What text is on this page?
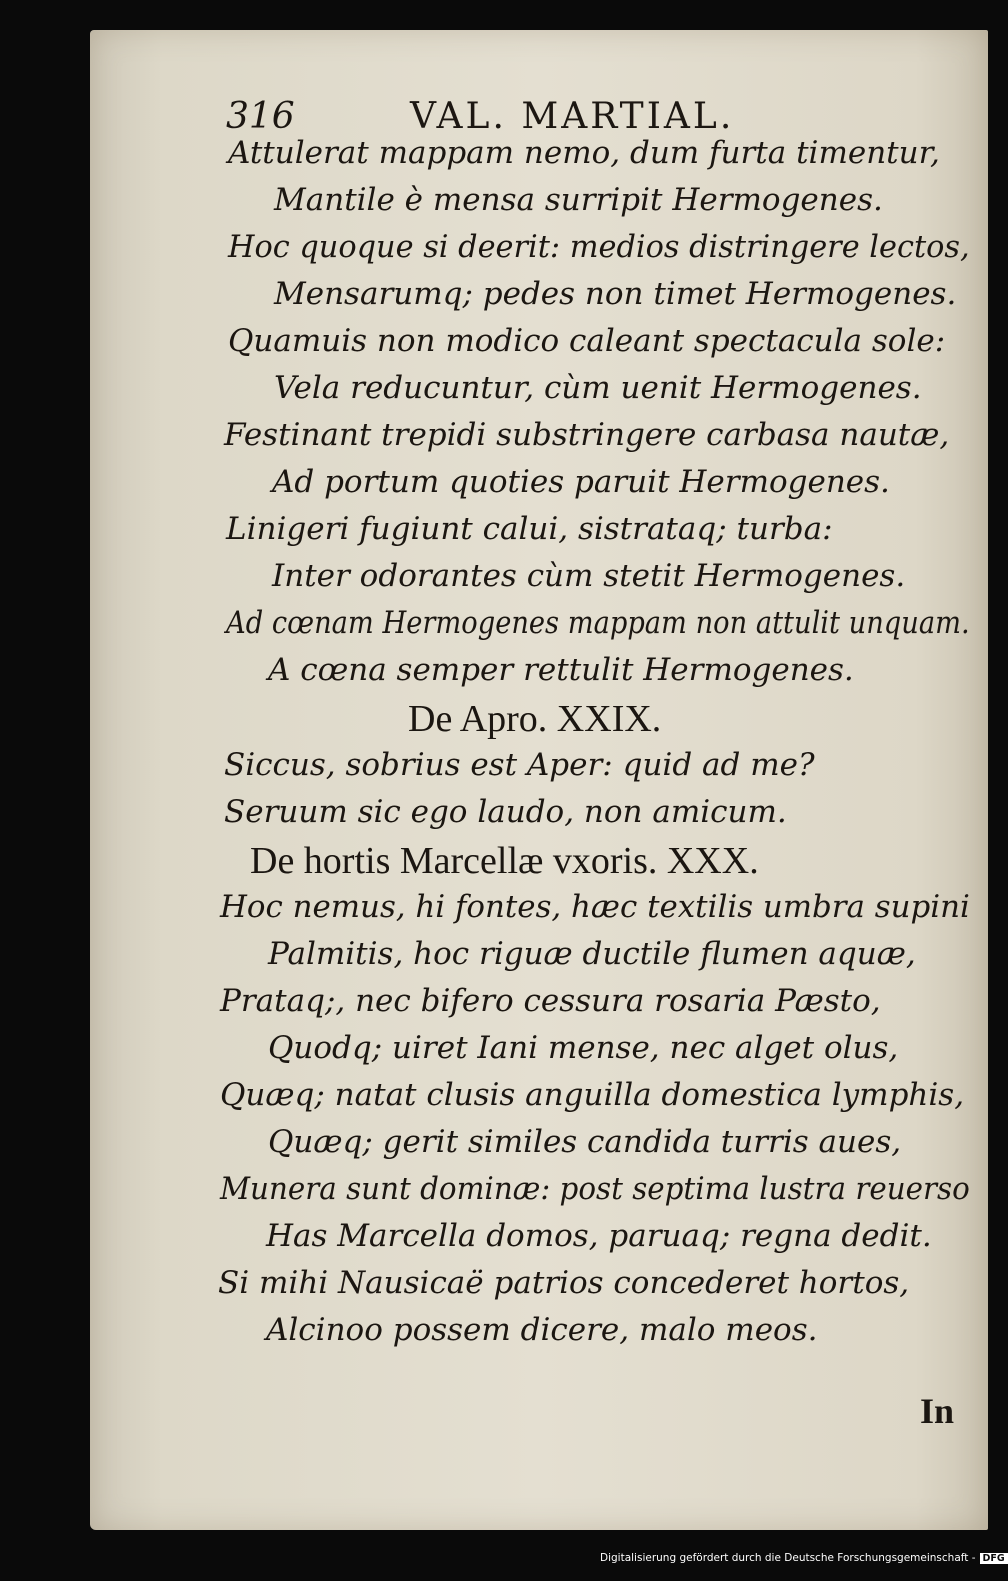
316	VAL. MARTIAL.
Attulerat mappam nemo, dum furta timentur,
Mantile è mensa surripit Hermogenes.
Hoc quoque si deerit: medios distringere lectos,
Mensarumq; pedes non timet Hermogenes.
Quamuis non modico caleant spectacula sole:
Vela reducuntur, cùm uenit Hermogenes.
Festinant trepidi substringere carbasa nautæ,
Ad portum quoties paruit Hermogenes.
Linigeri fugiunt calui, sistrataq; turba:
Inter odorantes cùm stetit Hermogenes.
Ad cœnam Hermogenes mappam non attulit unquam.
A cœna semper rettulit Hermogenes.
De Apro. XXIX.
Siccus, sobrius est Aper: quid ad me?
Seruum sic ego laudo, non amicum.
De hortis Marcellæ vxoris. XXX.
Hoc nemus, hi fontes, hæc textilis umbra supini
Palmitis, hoc riguæ ductile flumen aquæ,
Prataq;, nec bifero cessura rosaria Pæsto,
Quodq; uiret Iani mense, nec alget olus,
Quæq; natat clusis anguilla domestica lymphis,
Quæq; gerit similes candida turris aues,
Munera sunt dominæ: post septima lustra reuerso
Has Marcella domos, paruaq; regna dedit.
Si mihi Nausicaë patrios concederet hortos,
Alcinoo possem dicere, malo meos.
In
Digitalisierung gefördert durch die Deutsche Forschungsgemeinschaft - DFG
